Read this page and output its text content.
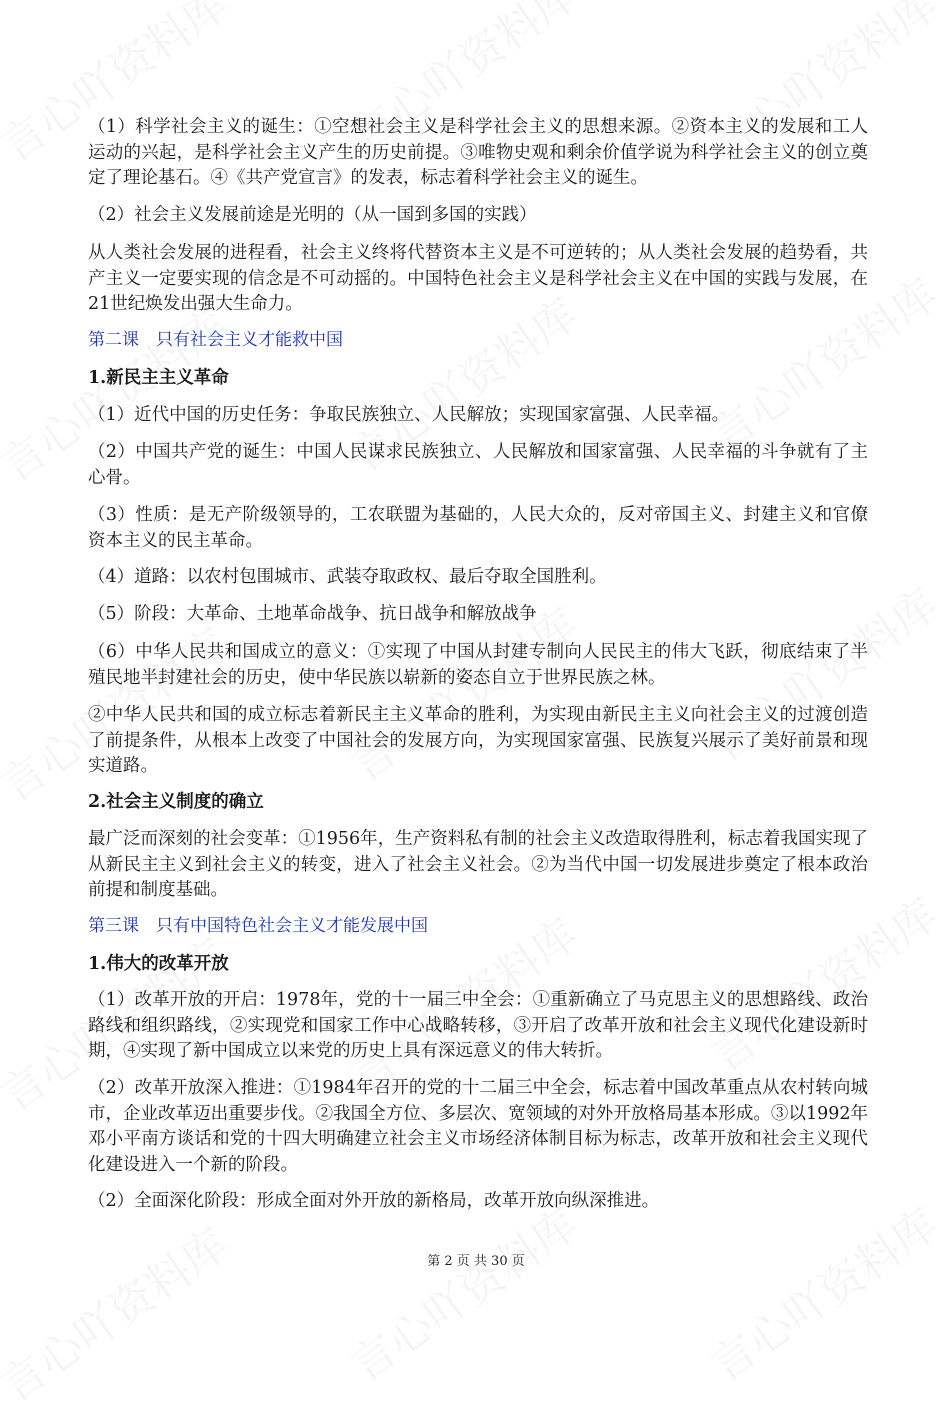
（1）科学社会主义的诞生：①空想社会主义是科学社会主义的思想来源。②资本主义的发展和工人运动的兴起，是科学社会主义产生的历史前提。③唯物史观和剩余价值学说为科学社会主义的创立奠定了理论基石。④《共产党宣言》的发表，标志着科学社会主义的诞生。

（2）社会主义发展前途是光明的（从一国到多国的实践）

从人类社会发展的进程看，社会主义终将代替资本主义是不可逆转的；从人类社会发展的趋势看，共产主义一定要实现的信念是不可动摇的。中国特色社会主义是科学社会主义在中国的实践与发展，在21世纪焕发出强大生命力。

第二课　只有社会主义才能救中国
1.新民主主义革命

（1）近代中国的历史任务：争取民族独立、人民解放；实现国家富强、人民幸福。

（2）中国共产党的诞生：中国人民谋求民族独立、人民解放和国家富强、人民幸福的斗争就有了主心骨。

（3）性质：是无产阶级领导的，工农联盟为基础的，人民大众的，反对帝国主义、封建主义和官僚资本主义的民主革命。

（4）道路：以农村包围城市、武装夺取政权、最后夺取全国胜利。

（5）阶段：大革命、土地革命战争、抗日战争和解放战争

（6）中华人民共和国成立的意义：①实现了中国从封建专制向人民民主的伟大飞跃，彻底结束了半殖民地半封建社会的历史，使中华民族以崭新的姿态自立于世界民族之林。

②中华人民共和国的成立标志着新民主主义革命的胜利，为实现由新民主主义向社会主义的过渡创造了前提条件，从根本上改变了中国社会的发展方向，为实现国家富强、民族复兴展示了美好前景和现实道路。

2.社会主义制度的确立

最广泛而深刻的社会变革：①1956年，生产资料私有制的社会主义改造取得胜利，标志着我国实现了从新民主主义到社会主义的转变，进入了社会主义社会。②为当代中国一切发展进步奠定了根本政治前提和制度基础。

第三课　只有中国特色社会主义才能发展中国
1.伟大的改革开放

（1）改革开放的开启：1978年，党的十一届三中全会：①重新确立了马克思主义的思想路线、政治路线和组织路线，②实现党和国家工作中心战略转移，③开启了改革开放和社会主义现代化建设新时期，④实现了新中国成立以来党的历史上具有深远意义的伟大转折。

（2）改革开放深入推进：①1984年召开的党的十二届三中全会，标志着中国改革重点从农村转向城市，企业改革迈出重要步伐。②我国全方位、多层次、宽领域的对外开放格局基本形成。③以1992年邓小平南方谈话和党的十四大明确建立社会主义市场经济体制目标为标志，改革开放和社会主义现代化建设进入一个新的阶段。

（2）全面深化阶段：形成全面对外开放的新格局，改革开放向纵深推进。

第 2 页 共 30 页
